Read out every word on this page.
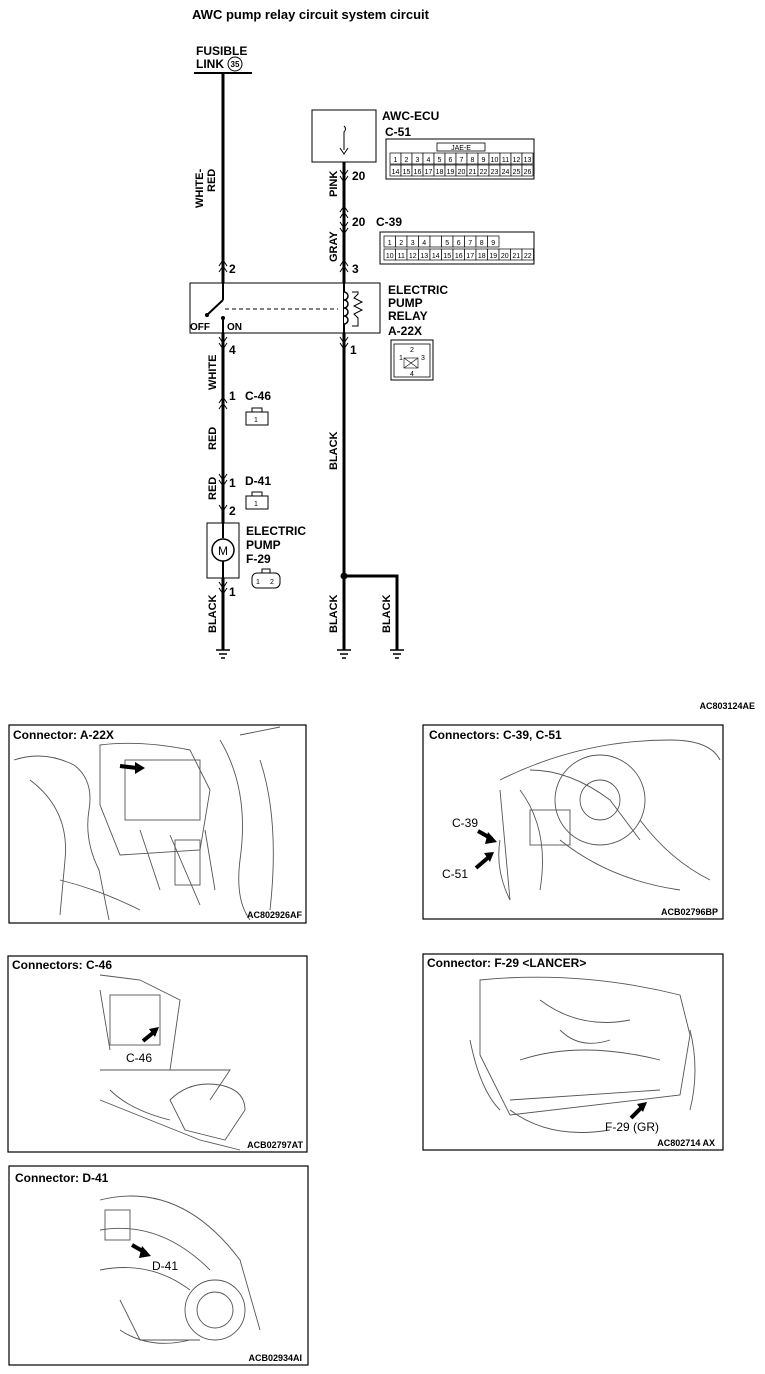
AWC pump relay circuit system circuit
FUSIBLE
LINK 35
WHITE- RED
2
AWC-ECU
C-51
JAE-E
1 2 3 4 5 6 7 8 9 10 11 12 13
14 15 16 17 18 19 20 21 22 23 24 25 26
20
PINK
20 C-39
GRAY
3
1 2 3 4	5 6 7 8 9
10 11 12 13 14 15 16 17 18 19 20 21 22
OFF ON
ELECTRIC
PUMP
RELAY
A-22X
1
2
3
4
4
WHITE
1 C-46
1
RED
1 D-41
1
RED
2
M
ELECTRIC
PUMP
F-29
1 2
1
BLACK
1
BLACK
BLACK	BLACK
AC803124AE
Connector: A-22X
AC802926AF
C-39
C-51
Connectors: C-39, C-51
ACB02796BP
C-46
Connectors: C-46
ACB02797AT
F-29 (GR)
Connector: F-29 <LANCER>
AC802714 AX
D-41
Connector: D-41
ACB02934AI
